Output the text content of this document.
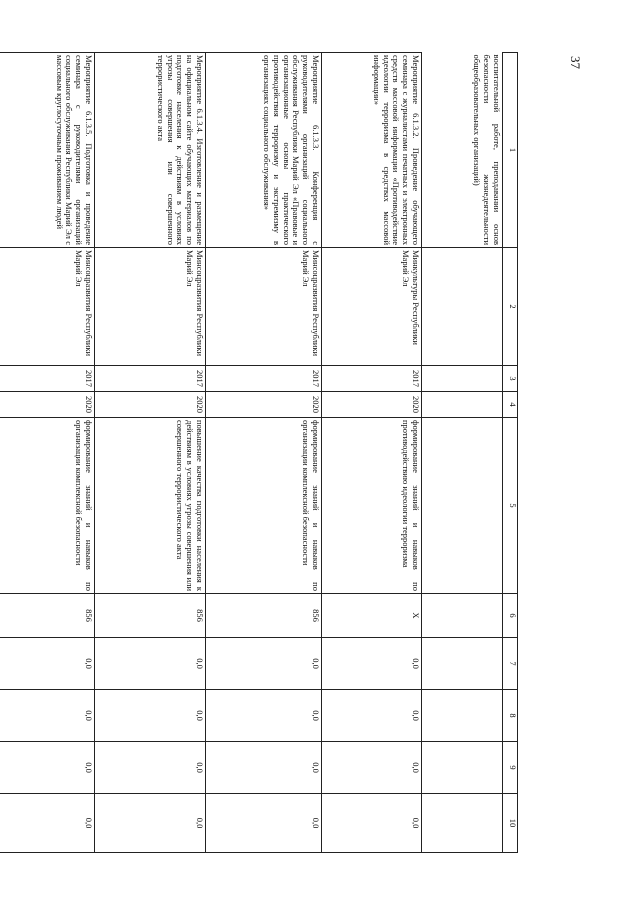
37
1	2	3	4	5	6	7	8	9	10
воспитательной работе, преподавании основ безопасности жизнедеятельности общеобразовательных организаций)									
Мероприятие 6.1.3.2. Проведение обучающего семинара с журналистами печатных и электронных средств массовой информации «Противодействие идеологии терроризма в средствах массовой информации»	Минкультуры Республики Марий Эл	2017	2020	формирование знаний и навыков по противодействию идеологии терроризма	X	0,0	0,0	0,0	0,0
Мероприятие 6.1.3.3. Конференция с руководителями организаций социального обслуживания Республики Марий Эл «Правовые и организационные основы практического противодействия терроризму и экстремизму в организациях социального обслуживания»	Минсоцразвития Республики Марий Эл	2017	2020	формирование знаний и навыков по организации комплексной безопасности	856	0,0	0,0	0,0	0,0
Мероприятие 6.1.3.4. Изготовление и размещение на официальном сайте обучающих материалов по подготовке населения к действиям в условиях угрозы совершения или совершенного террористического акта	Минсоцразвития Республики Марий Эл	2017	2020	повышение качества подготовки населения к действиям в условиях угрозы совершения или совершенного террористического акта	856	0,0	0,0	0,0	0,0
Мероприятие 6.1.3.5. Подготовка и проведение семинара с руководителями организаций социального обслуживания Республики Марий Эл с массовым круглосуточным проживанием людей	Минсоцразвития Республики Марий Эл	2017	2020	формирование знаний и навыков по организации комплексной безопасности	856	0,0	0,0	0,0	0,0
